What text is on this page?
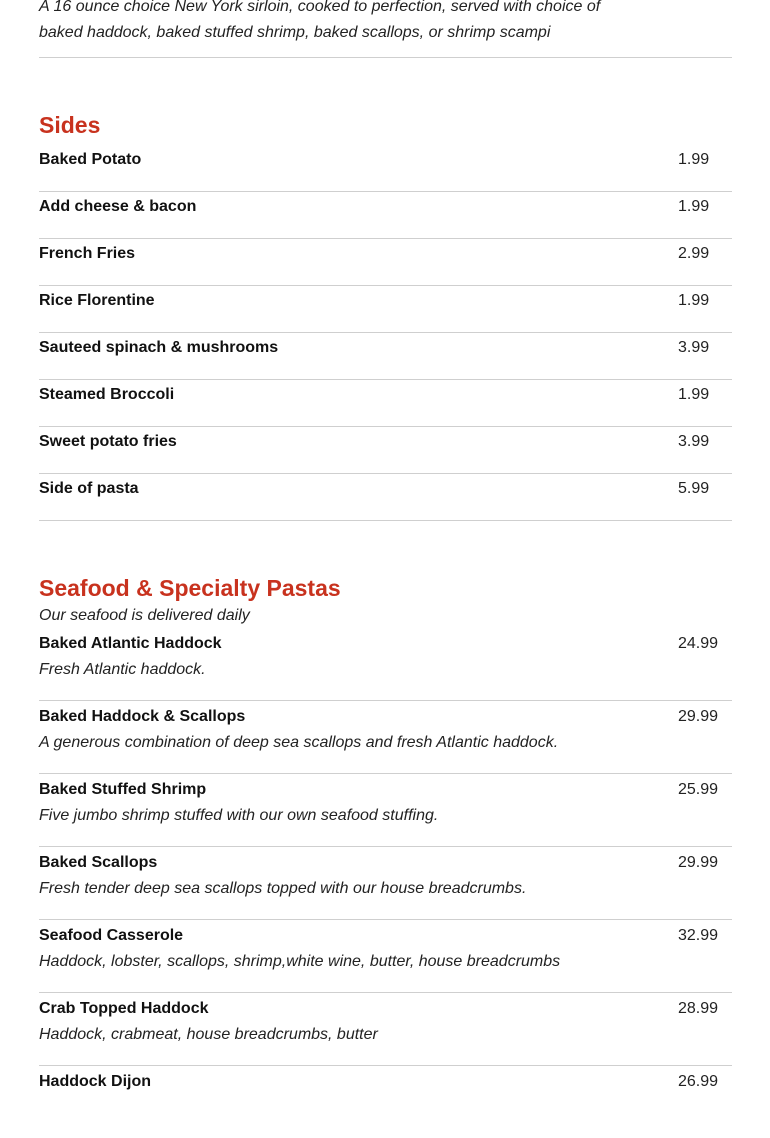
A 16 ounce choice New York sirloin, cooked to perfection, served with choice of
baked haddock, baked stuffed shrimp, baked scallops, or shrimp scampi
Sides
Baked Potato	1.99
Add cheese & bacon	1.99
French Fries	2.99
Rice Florentine	1.99
Sauteed spinach & mushrooms	3.99
Steamed Broccoli	1.99
Sweet potato fries	3.99
Side of pasta	5.99
Seafood & Specialty Pastas
Our seafood is delivered daily
Baked Atlantic Haddock	24.99
Fresh Atlantic haddock.
Baked Haddock & Scallops	29.99
A generous combination of deep sea scallops and fresh Atlantic haddock.
Baked Stuffed Shrimp	25.99
Five jumbo shrimp stuffed with our own seafood stuffing.
Baked Scallops	29.99
Fresh tender deep sea scallops topped with our house breadcrumbs.
Seafood Casserole	32.99
Haddock, lobster, scallops, shrimp,white wine, butter, house breadcrumbs
Crab Topped Haddock	28.99
Haddock, crabmeat, house breadcrumbs, butter
Haddock Dijon	26.99
